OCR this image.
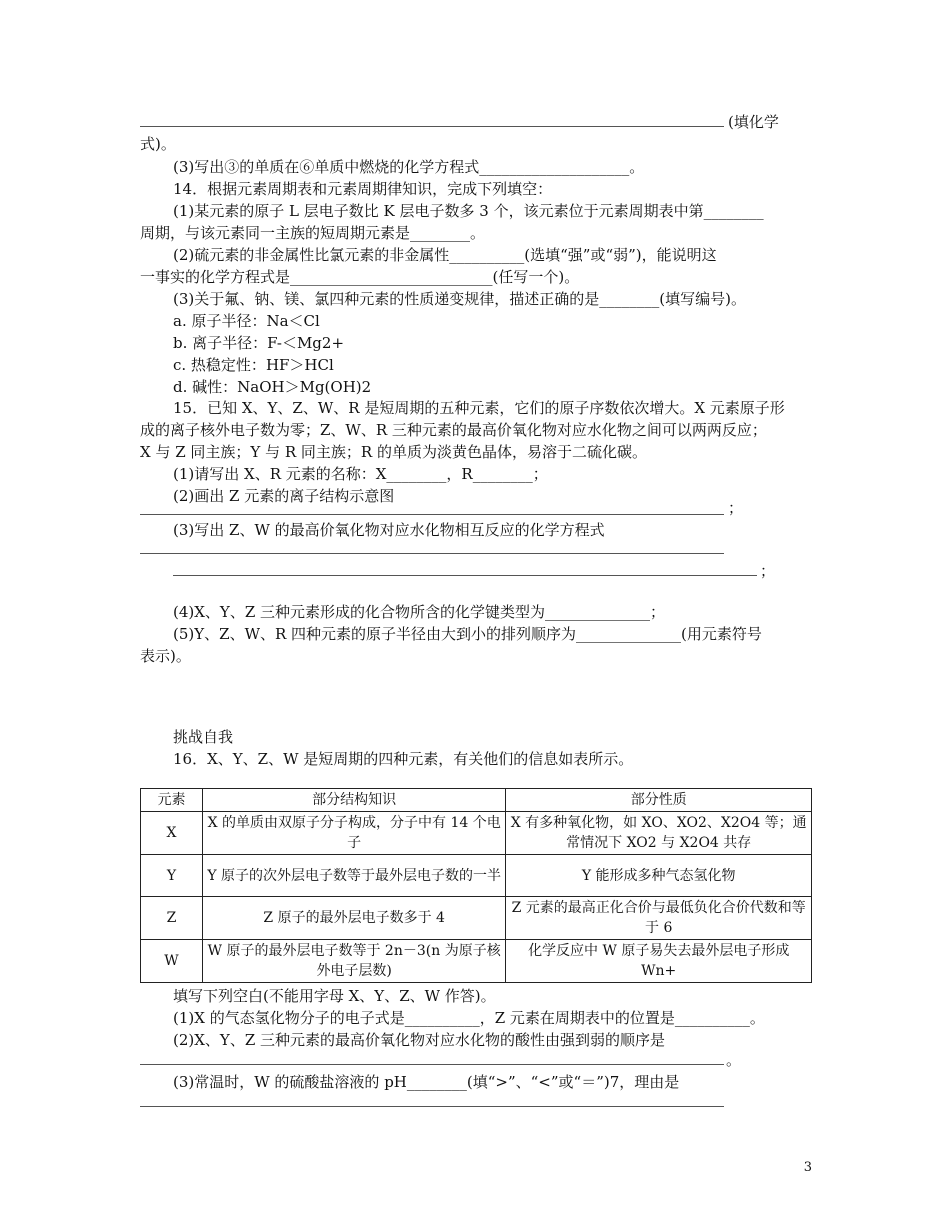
(填化学
式)。
(3)写出③的单质在⑥单质中燃烧的化学方程式____________________。
14．根据元素周期表和元素周期律知识，完成下列填空：
(1)某元素的原子 L 层电子数比 K 层电子数多 3 个，该元素位于元素周期表中第________
周期，与该元素同一主族的短周期元素是________。
(2)硫元素的非金属性比氯元素的非金属性__________(选填“强”或“弱”)，能说明这
一事实的化学方程式是___________________________(任写一个)。
(3)关于氟、钠、镁、氯四种元素的性质递变规律，描述正确的是________(填写编号)。
a. 原子半径：Na＜Cl
b. 离子半径：F-＜Mg2+
c. 热稳定性：HF＞HCl
d. 碱性：NaOH＞Mg(OH)2
15．已知 X、Y、Z、W、R 是短周期的五种元素，它们的原子序数依次增大。X 元素原子形
成的离子核外电子数为零；Z、W、R 三种元素的最高价氧化物对应水化物之间可以两两反应；
X 与 Z 同主族；Y 与 R 同主族；R 的单质为淡黄色晶体，易溶于二硫化碳。
(1)请写出 X、R 元素的名称：X________，R________；
(2)画出 Z 元素的离子结构示意图
；
(3)写出 Z、W 的最高价氧化物对应水化物相互反应的化学方程式
；
(4)X、Y、Z 三种元素形成的化合物所含的化学键类型为______________；
(5)Y、Z、W、R 四种元素的原子半径由大到小的排列顺序为______________(用元素符号
表示)。
挑战自我
16．X、Y、Z、W 是短周期的四种元素，有关他们的信息如表所示。
元素	部分结构知识	部分性质
X	X 的单质由双原子分子构成，分子中有 14 个电子	X 有多种氧化物，如 XO、XO2、X2O4 等；通常情况下 XO2 与 X2O4 共存
Y	Y 原子的次外层电子数等于最外层电子数的一半	Y 能形成多种气态氢化物
Z	Z 原子的最外层电子数多于 4	Z 元素的最高正化合价与最低负化合价代数和等于 6
W	W 原子的最外层电子数等于 2n－3(n 为原子核外电子层数)	化学反应中 W 原子易失去最外层电子形成 Wn+
填写下列空白(不能用字母 X、Y、Z、W 作答)。
(1)X 的气态氢化物分子的电子式是__________，Z 元素在周期表中的位置是__________。
(2)X、Y、Z 三种元素的最高价氧化物对应水化物的酸性由强到弱的顺序是
。
(3)常温时，W 的硫酸盐溶液的 pH________(填“>”、“<”或“＝”)7，理由是
3
